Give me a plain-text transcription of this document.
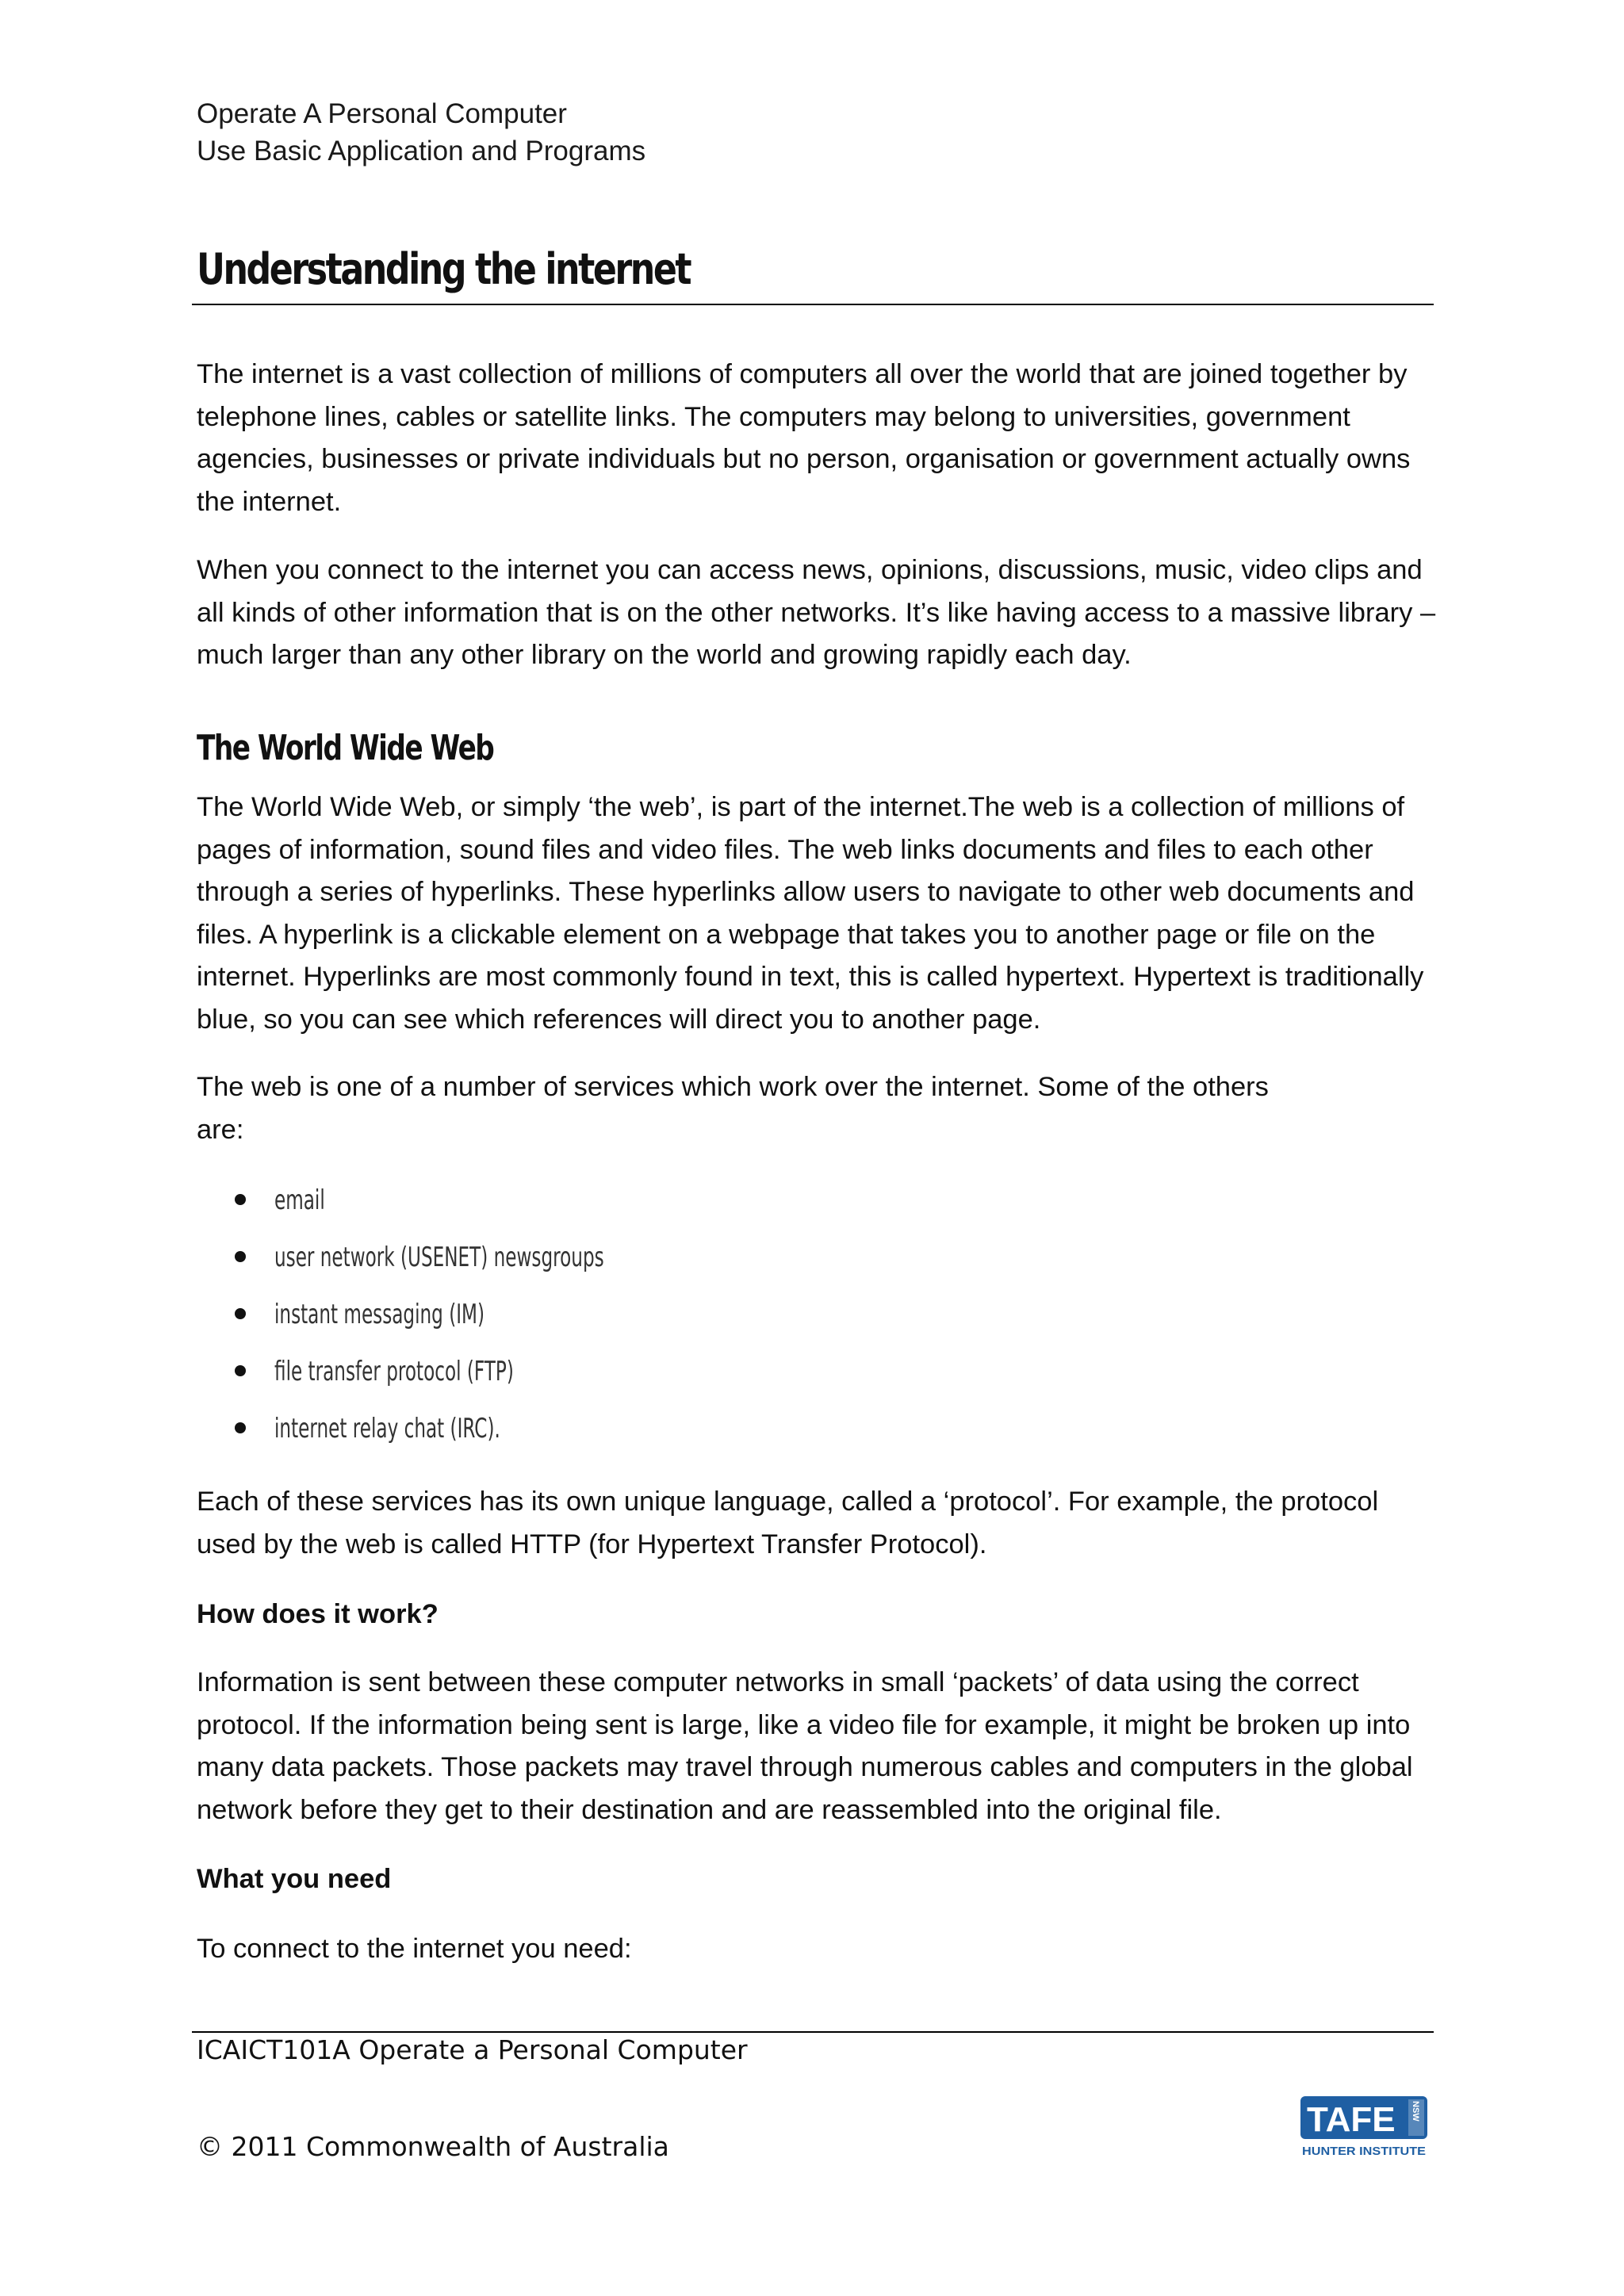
Operate A Personal Computer
Use Basic Application and Programs
Understanding the internet

The internet is a vast collection of millions of computers all over the world that are joined together by telephone lines, cables or satellite links. The computers may belong to universities, government agencies, businesses or private individuals but no person, organisation or government actually owns the internet.

When you connect to the internet you can access news, opinions, discussions, music, video clips and all kinds of other information that is on the other networks. It’s like having access to a massive library – much larger than any other library on the world and growing rapidly each day.

The World Wide Web

The World Wide Web, or simply ‘the web’, is part of the internet.The web is a collection of millions of pages of information, sound files and video files. The web links documents and files to each other through a series of hyperlinks. These hyperlinks allow users to navigate to other web documents and files. A hyperlink is a clickable element on a webpage that takes you to another page or file on the internet. Hyperlinks are most commonly found in text, this is called hypertext. Hypertext is traditionally blue, so you can see which references will direct you to another page.

The web is one of a number of services which work over the internet. Some of the others are:

email
user network (USENET) newsgroups
instant messaging (IM)
file transfer protocol (FTP)
internet relay chat (IRC).

Each of these services has its own unique language, called a ‘protocol’. For example, the protocol used by the web is called HTTP (for Hypertext Transfer Protocol).

How does it work?

Information is sent between these computer networks in small ‘packets’ of data using the correct protocol. If the information being sent is large, like a video file for example, it might be broken up into many data packets. Those packets may travel through numerous cables and computers in the global network before they get to their destination and are reassembled into the original file.

What you need

To connect to the internet you need:

ICAICT101A Operate a Personal Computer
© 2011 Commonwealth of Australia
TAFE NSW
HUNTER INSTITUTE
